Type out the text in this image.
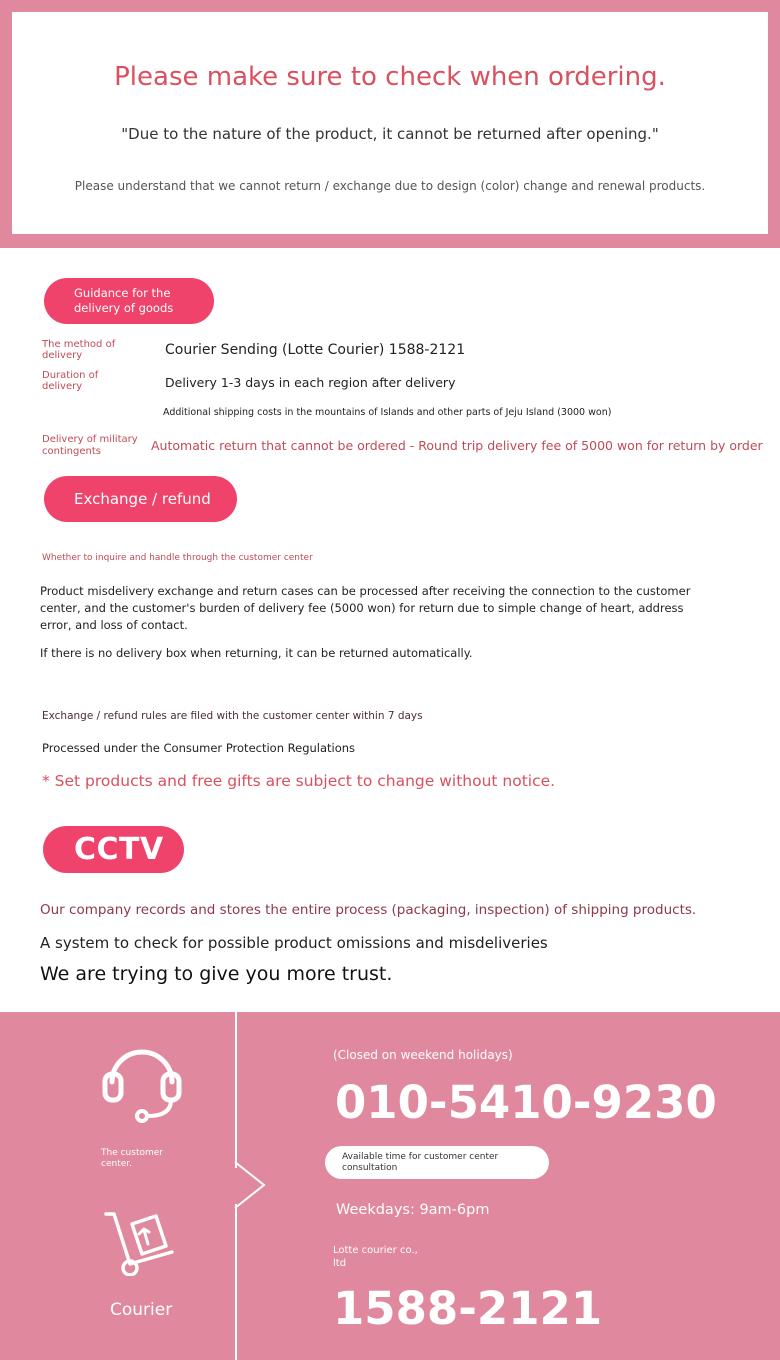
Please make sure to check when ordering.
"Due to the nature of the product, it cannot be returned after opening."
Please understand that we cannot return / exchange due to design (color) change and renewal products.
Guidance for the
delivery of goods
The method of
delivery	Courier Sending (Lotte Courier) 1588-2121
Duration of
delivery	Delivery 1-3 days in each region after delivery
Additional shipping costs in the mountains of Islands and other parts of Jeju Island (3000 won)
Delivery of military
contingents	Automatic return that cannot be ordered - Round trip delivery fee of 5000 won for return by order
Exchange / refund
Whether to inquire and handle through the customer center
Product misdelivery exchange and return cases can be processed after receiving the connection to the customer
center, and the customer's burden of delivery fee (5000 won) for return due to simple change of heart, address
error, and loss of contact.
If there is no delivery box when returning, it can be returned automatically.
Exchange / refund rules are filed with the customer center within 7 days
Processed under the Consumer Protection Regulations
* Set products and free gifts are subject to change without notice.
CCTV
Our company records and stores the entire process (packaging, inspection) of shipping products.
A system to check for possible product omissions and misdeliveries
We are trying to give you more trust.
The customer
center.
Courier
(Closed on weekend holidays)
010-5410-9230
Weekdays: 9am-6pm
Lotte courier co.,
ltd
1588-2121
Available time for customer center
consultation
